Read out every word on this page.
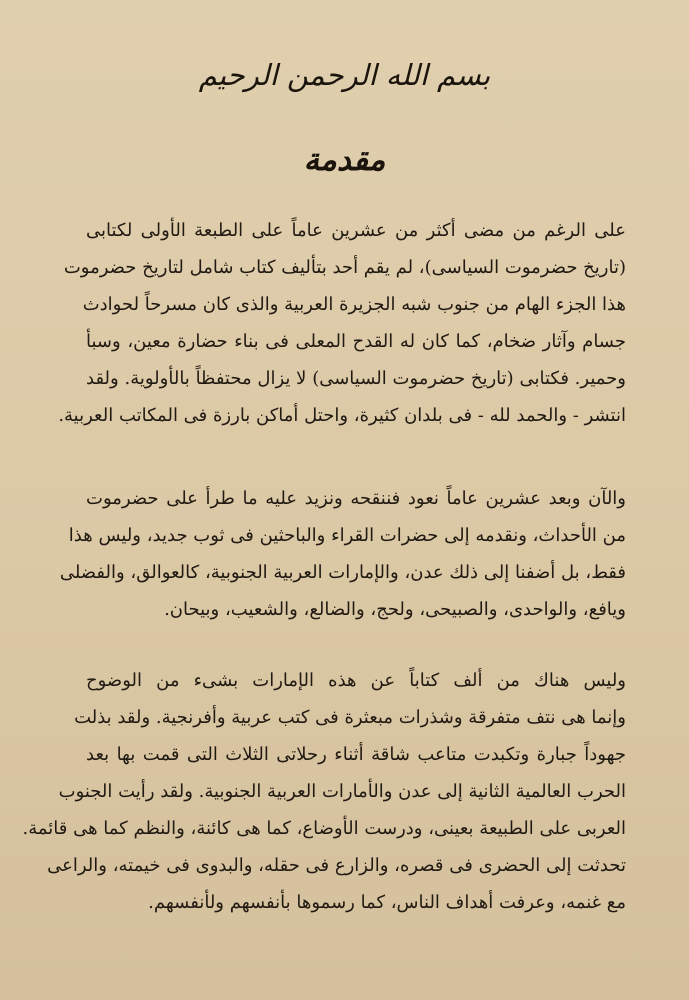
بسم الله الرحمن الرحيم
مقدمة
على الرغم من مضى أكثر من عشرين عاماً على الطبعة الأولى لكتابى
(تاريخ حضرموت السياسى)، لم يقم أحد بتأليف كتاب شامل لتاريخ حضرموت
هذا الجزء الهام من جنوب شبه الجزيرة العربية والذى كان مسرحاً لحوادث
جسام وآثار ضخام، كما كان له القدح المعلى فى بناء حضارة معين، وسبأ
وحمير. فكتابى (تاريخ حضرموت السياسى) لا يزال محتفظاً بالأولوية. ولقد
انتشر - والحمد لله - فى بلدان كثيرة، واحتل أماكن بارزة فى المكاتب العربية.
والآن وبعد عشرين عاماً نعود فننقحه ونزيد عليه ما طرأ على حضرموت
من الأحداث، ونقدمه إلى حضرات القراء والباحثين فى ثوب جديد، وليس هذا
فقط، بل أضفنا إلى ذلك عدن، والإمارات العربية الجنوبية، كالعوالق، والفضلى
ويافع، والواحدى، والصبيحى، ولحج، والضالع، والشعيب، وبيحان.
وليس هناك من ألف كتاباً عن هذه الإمارات بشىء من الوضوح
وإنما هى نتف متفرقة وشذرات مبعثرة فى كتب عربية وأفرنجية. ولقد بذلت
جهوداً جبارة وتكبدت متاعب شاقة أثناء رحلاتى الثلاث التى قمت بها بعد
الحرب العالمية الثانية إلى عدن والأمارات العربية الجنوبية. ولقد رأيت الجنوب
العربى على الطبيعة بعينى، ودرست الأوضاع، كما هى كائنة، والنظم كما هى قائمة.
تحدثت إلى الحضرى فى قصره، والزارع فى حقله، والبدوى فى خيمته، والراعى
مع غنمه، وعرفت أهداف الناس، كما رسموها بأنفسهم ولأنفسهم.
